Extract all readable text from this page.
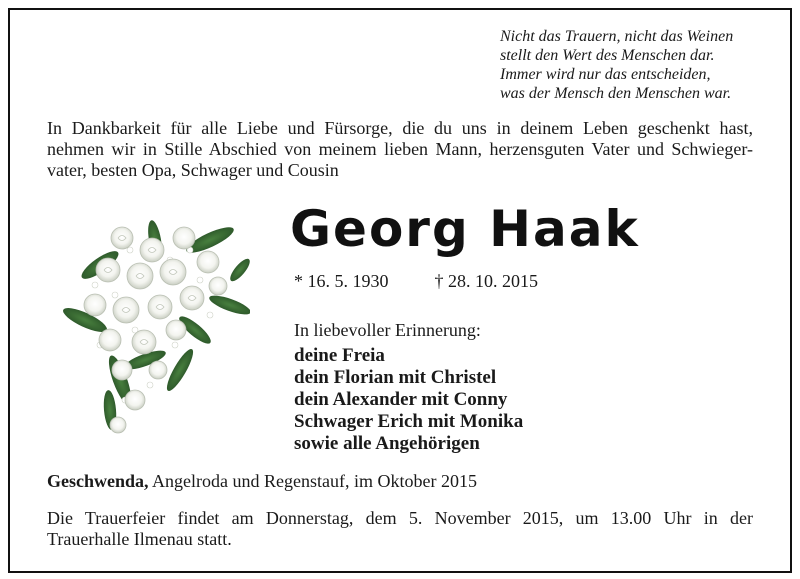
Nicht das Trauern, nicht das Weinen
stellt den Wert des Menschen dar.
Immer wird nur das entscheiden,
was der Mensch den Menschen war.
In Dankbarkeit für alle Liebe und Fürsorge, die du uns in deinem Leben geschenkt hast,
nehmen wir in Stille Abschied von meinem lieben Mann, herzensguten Vater und Schwieger-
vater, besten Opa, Schwager und Cousin
Georg Haak
* 16. 5. 1930	† 28. 10. 2015
In liebevoller Erinnerung:
deine Freia
dein Florian mit Christel
dein Alexander mit Conny
Schwager Erich mit Monika
sowie alle Angehörigen
Geschwenda, Angelroda und Regenstauf, im Oktober 2015
Die Trauerfeier findet am Donnerstag, dem 5. November 2015, um 13.00 Uhr in der
Trauerhalle Ilmenau statt.
